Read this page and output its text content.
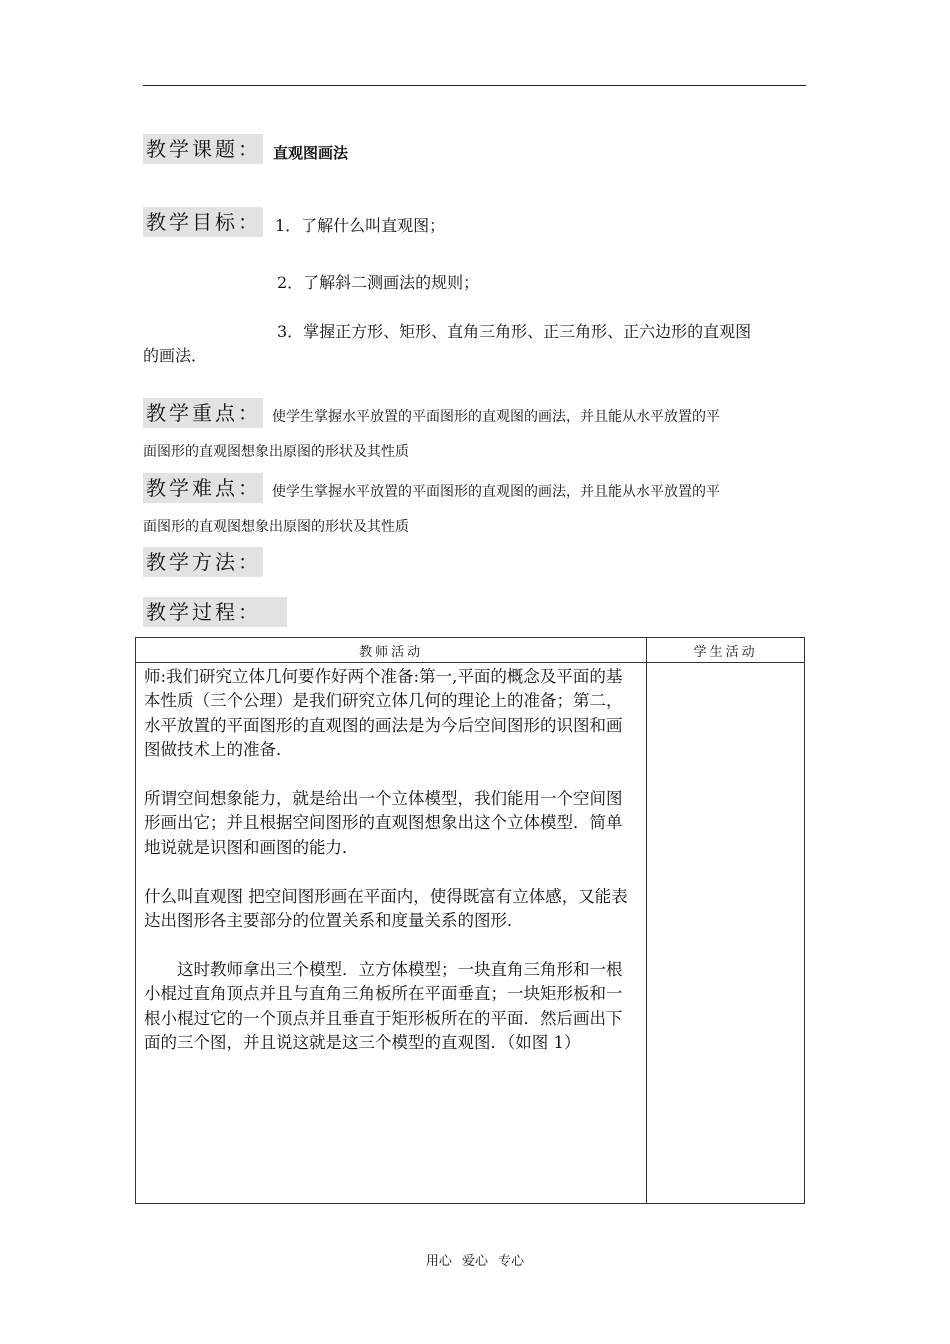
教学课题： 直观图画法
教学目标： 1．了解什么叫直观图；
2．了解斜二测画法的规则；
3．掌握正方形、矩形、直角三角形、正三角形、正六边形的直观图
的画法．
教学重点： 使学生掌握水平放置的平面图形的直观图的画法，并且能从水平放置的平
面图形的直观图想象出原图的形状及其性质
教学难点： 使学生掌握水平放置的平面图形的直观图的画法，并且能从水平放置的平
面图形的直观图想象出原图的形状及其性质
教学方法：
教学过程：
教师活动	学生活动

师:我们研究立体几何要作好两个准备:第一,平面的概念及平面的基本性质（三个公理）是我们研究立体几何的理论上的准备；第二，水平放置的平面图形的直观图的画法是为今后空间图形的识图和画图做技术上的准备．

所谓空间想象能力，就是给出一个立体模型，我们能用一个空间图形画出它；并且根据空间图形的直观图想象出这个立体模型．简单地说就是识图和画图的能力．

什么叫直观图 把空间图形画在平面内，使得既富有立体感，又能表达出图形各主要部分的位置关系和度量关系的图形．

这时教师拿出三个模型．立方体模型；一块直角三角形和一根小棍过直角顶点并且与直角三角板所在平面垂直；一块矩形板和一根小棍过它的一个顶点并且垂直于矩形板所在的平面．然后画出下面的三个图，并且说这就是这三个模型的直观图．（如图 1）	

用心 爱心 专心
